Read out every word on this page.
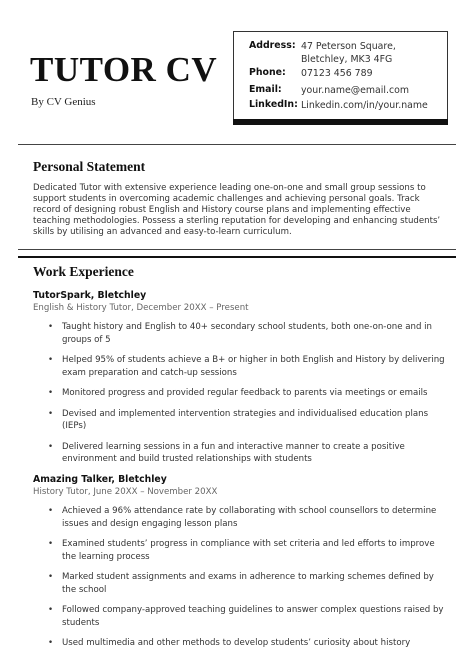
TUTOR CV
By CV Genius
Address: 47 Peterson Square,
Bletchley, MK3 4FG
Phone: 07123 456 789
Email: your.name@email.com
LinkedIn: Linkedin.com/in/your.name
Personal Statement

Dedicated Tutor with extensive experience leading one-on-one and small group sessions to support students in overcoming academic challenges and achieving personal goals. Track record of designing robust English and History course plans and implementing effective teaching methodologies. Possess a sterling reputation for developing and enhancing students’ skills by utilising an advanced and easy-to-learn curriculum.

Work Experience
TutorSpark, Bletchley
English & History Tutor, December 20XX – Present
• Taught history and English to 40+ secondary school students, both one-on-one and in groups of 5
• Helped 95% of students achieve a B+ or higher in both English and History by delivering exam preparation and catch-up sessions
• Monitored progress and provided regular feedback to parents via meetings or emails
• Devised and implemented intervention strategies and individualised education plans (IEPs)
• Delivered learning sessions in a fun and interactive manner to create a positive environment and build trusted relationships with students
Amazing Talker, Bletchley
History Tutor, June 20XX – November 20XX
• Achieved a 96% attendance rate by collaborating with school counsellors to determine issues and design engaging lesson plans
• Examined students’ progress in compliance with set criteria and led efforts to improve the learning process
• Marked student assignments and exams in adherence to marking schemes defined by the school
• Followed company-approved teaching guidelines to answer complex questions raised by students
• Used multimedia and other methods to develop students’ curiosity about history
